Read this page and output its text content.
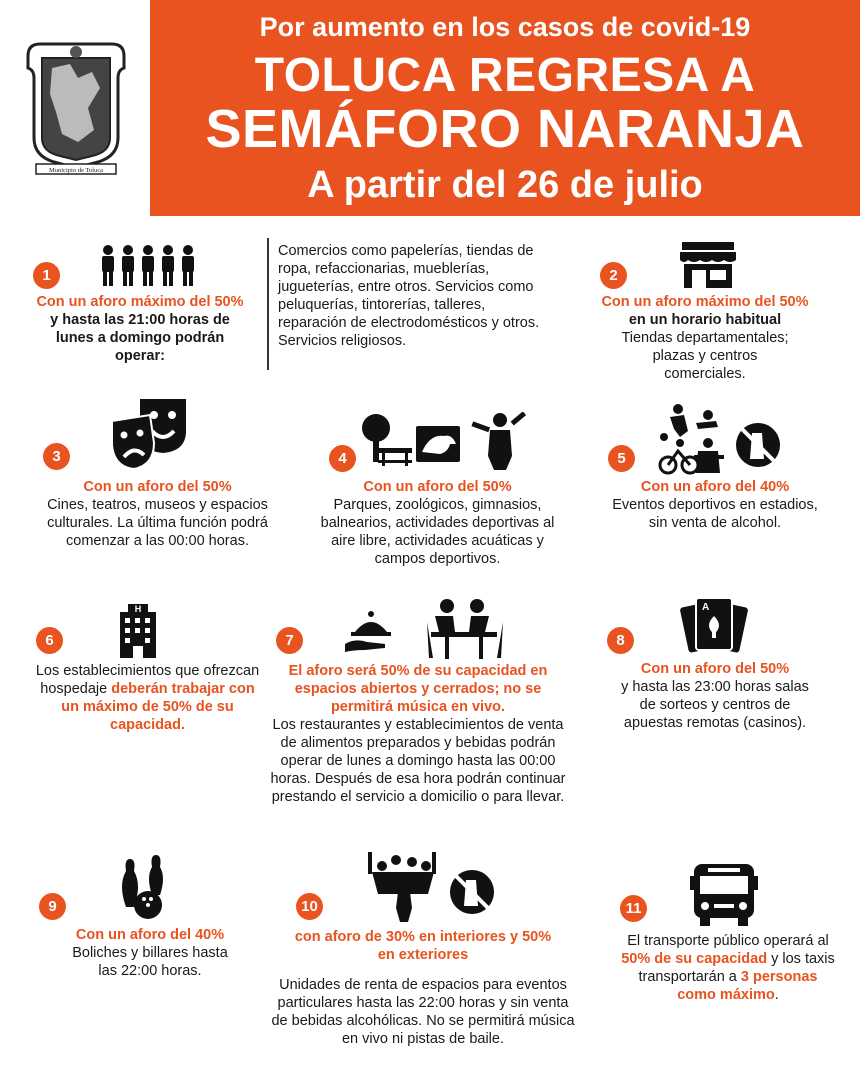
Municipio de Toluca
Por aumento en los casos de covid-19
TOLUCA REGRESA A
SEMÁFORO NARANJA
A partir del 26 de julio
1
Con un aforo máximo del 50%
y hasta las 21:00 horas de lunes a domingo podrán operar:
Comercios como papelerías, tiendas de ropa, refaccionarias, mueblerías, jugueterías, entre otros. Servicios como peluquerías, tintorerías, talleres, reparación de electrodomésticos y otros.
Servicios religiosos.
2
Con un aforo máximo del 50%
en un horario habitual
Tiendas departamentales; plazas y centros comerciales.
3
Con un aforo del 50%
Cines, teatros, museos y espacios culturales. La última función podrá comenzar a las 00:00 horas.
4
Con un aforo del 50%
Parques, zoológicos, gimnasios, balnearios, actividades deportivas al aire libre, actividades acuáticas y campos deportivos.
5
Con un aforo del 40%
Eventos deportivos en estadios, sin venta de alcohol.
6
H
Los establecimientos que ofrezcan hospedaje deberán trabajar con un máximo de 50% de su capacidad.
7
El aforo será 50% de su capacidad en espacios abiertos y cerrados; no se permitirá música en vivo.
Los restaurantes y establecimientos de venta de alimentos preparados y bebidas podrán operar de lunes a domingo hasta las 00:00 horas. Después de esa hora podrán continuar prestando el servicio a domicilio o para llevar.
8
A
Con un aforo del 50%
y hasta las 23:00 horas salas de sorteos y centros de apuestas remotas (casinos).
9
Con un aforo del 40%
Boliches y billares hasta las 22:00 horas.
10
con aforo de 30% en interiores y 50% en exteriores
Unidades de renta de espacios para eventos particulares hasta las 22:00 horas y sin venta de bebidas alcohólicas. No se permitirá música en vivo ni pistas de baile.
11
El transporte público operará al 50% de su capacidad y los taxis transportarán a 3 personas como máximo.
